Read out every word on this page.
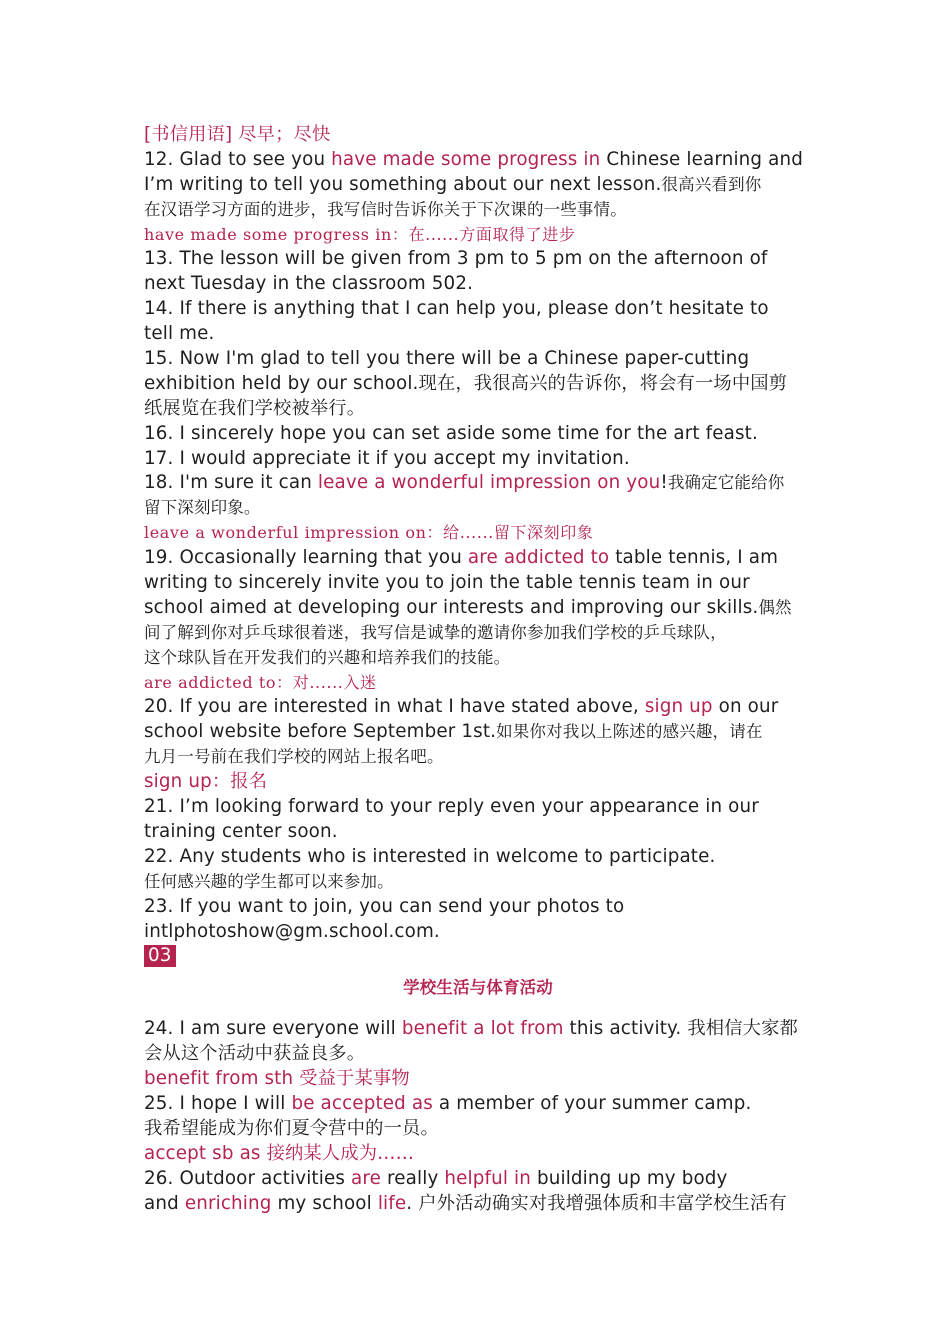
[书信用语] 尽早；尽快
12. Glad to see you have made some progress in Chinese learning and
I’m writing to tell you something about our next lesson.很高兴看到你
在汉语学习方面的进步，我写信时告诉你关于下次课的一些事情。
have made some progress in：在......方面取得了进步
13. The lesson will be given from 3 pm to 5 pm on the afternoon of
next Tuesday in the classroom 502.
14. If there is anything that I can help you, please don’t hesitate to
tell me.
15. Now I'm glad to tell you there will be a Chinese paper-cutting
exhibition held by our school.现在，我很高兴的告诉你，将会有一场中国剪
纸展览在我们学校被举行。
16. I sincerely hope you can set aside some time for the art feast.
17. I would appreciate it if you accept my invitation.
18. I'm sure it can leave a wonderful impression on you!我确定它能给你
留下深刻印象。
leave a wonderful impression on：给......留下深刻印象
19. Occasionally learning that you are addicted to table tennis, I am
writing to sincerely invite you to join the table tennis team in our
school aimed at developing our interests and improving our skills.偶然
间了解到你对乒乓球很着迷，我写信是诚挚的邀请你参加我们学校的乒乓球队，
这个球队旨在开发我们的兴趣和培养我们的技能。
are addicted to：对......入迷
20. If you are interested in what I have stated above, sign up on our
school website before September 1st.如果你对我以上陈述的感兴趣，请在
九月一号前在我们学校的网站上报名吧。
sign up：报名
21. I’m looking forward to your reply even your appearance in our
training center soon.
22. Any students who is interested in welcome to participate.
任何感兴趣的学生都可以来参加。
23. If you want to join, you can send your photos to
intlphotoshow@gm.school.com.
03
学校生活与体育活动
24. I am sure everyone will benefit a lot from this activity. 我相信大家都
会从这个活动中获益良多。
benefit from sth 受益于某事物
25. I hope I will be accepted as a member of your summer camp.
我希望能成为你们夏令营中的一员。
accept sb as 接纳某人成为……
26. Outdoor activities are really helpful in building up my body
and enriching my school life. 户外活动确实对我增强体质和丰富学校生活有
